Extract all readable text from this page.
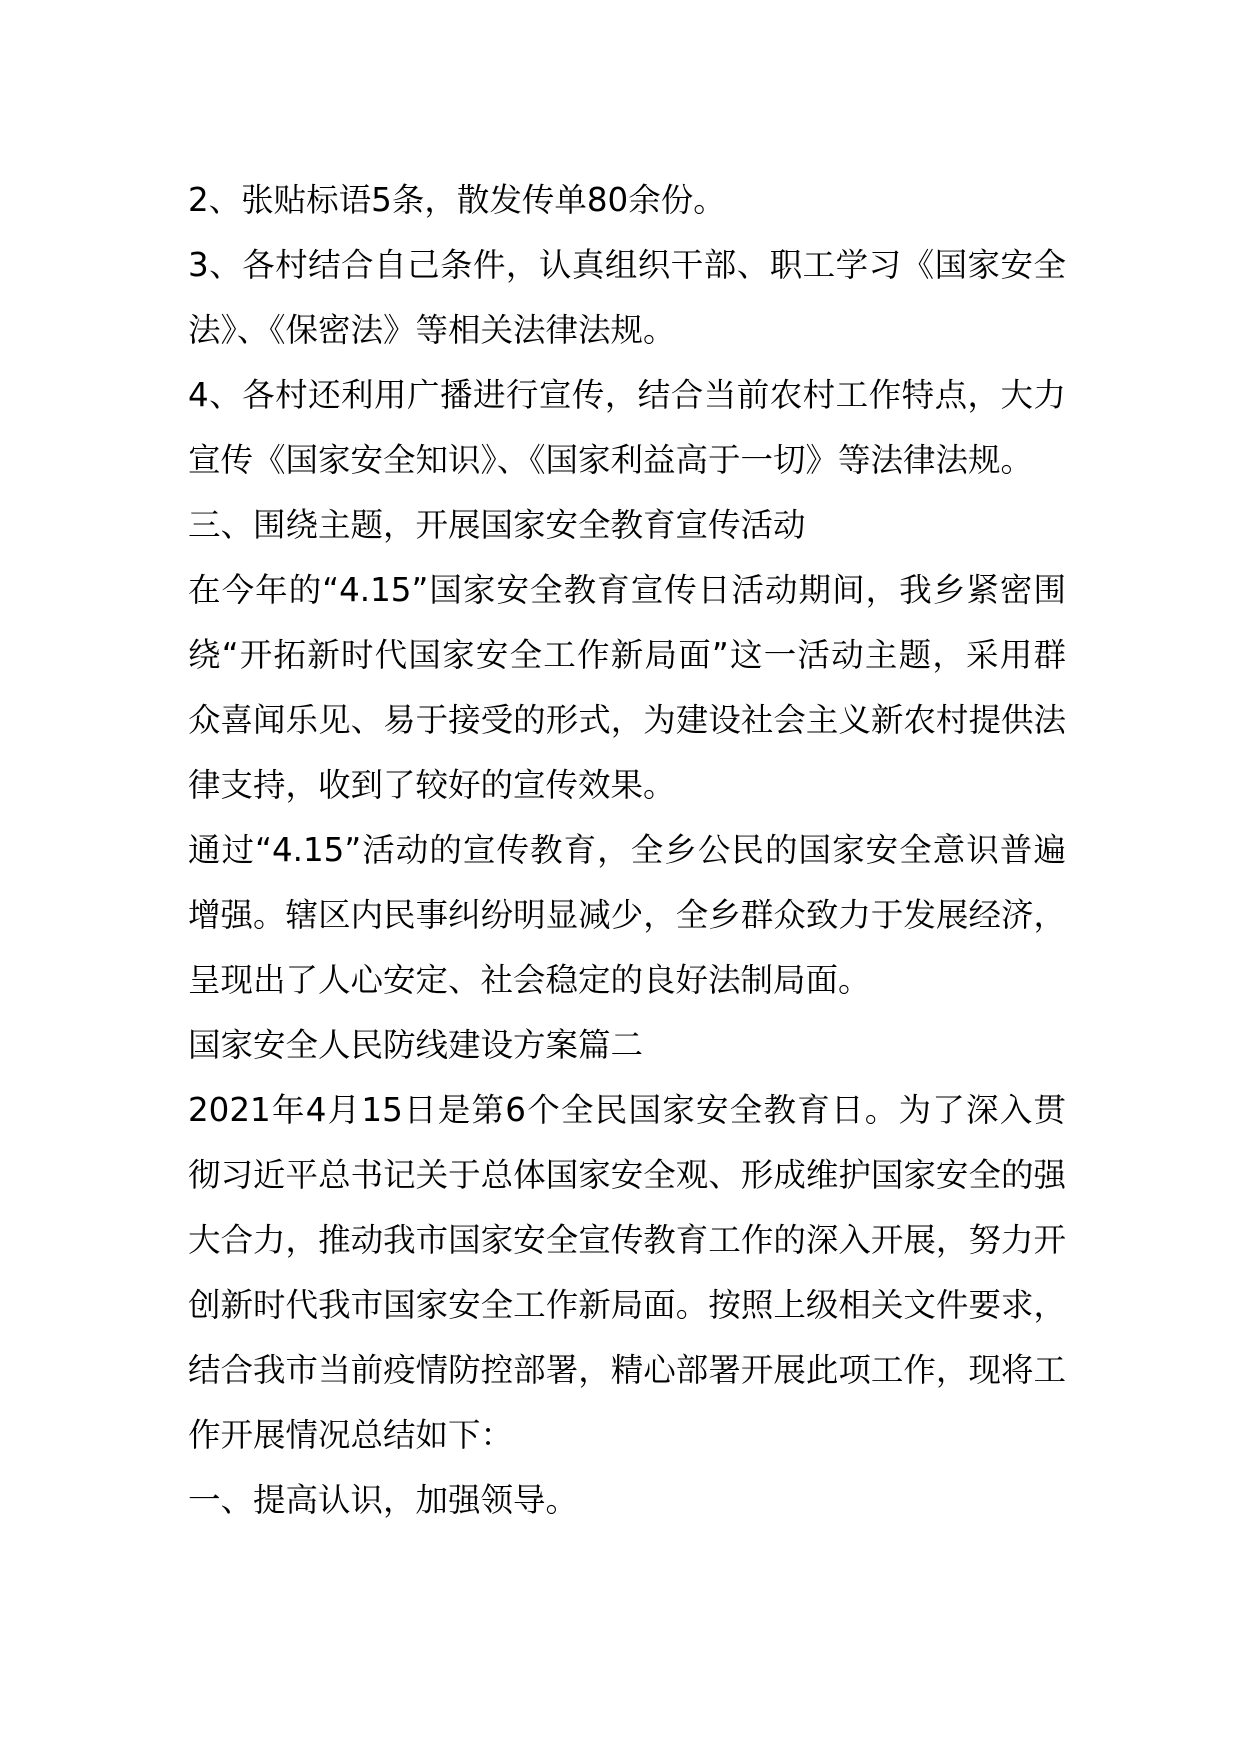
2、张贴标语5条，散发传单80余份。

3、各村结合自己条件，认真组织干部、职工学习《国家安全法》、《保密法》等相关法律法规。

4、各村还利用广播进行宣传，结合当前农村工作特点，大力宣传《国家安全知识》、《国家利益高于一切》等法律法规。

三、围绕主题，开展国家安全教育宣传活动

在今年的“4.15”国家安全教育宣传日活动期间，我乡紧密围绕“开拓新时代国家安全工作新局面”这一活动主题，采用群众喜闻乐见、易于接受的形式，为建设社会主义新农村提供法律支持，收到了较好的宣传效果。

通过“4.15”活动的宣传教育，全乡公民的国家安全意识普遍增强。辖区内民事纠纷明显减少，全乡群众致力于发展经济，呈现出了人心安定、社会稳定的良好法制局面。

国家安全人民防线建设方案篇二

2021年4月15日是第6个全民国家安全教育日。为了深入贯彻习近平总书记关于总体国家安全观、形成维护国家安全的强大合力，推动我市国家安全宣传教育工作的深入开展，努力开创新时代我市国家安全工作新局面。按照上级相关文件要求，结合我市当前疫情防控部署，精心部署开展此项工作，现将工作开展情况总结如下：

一、提高认识，加强领导。
